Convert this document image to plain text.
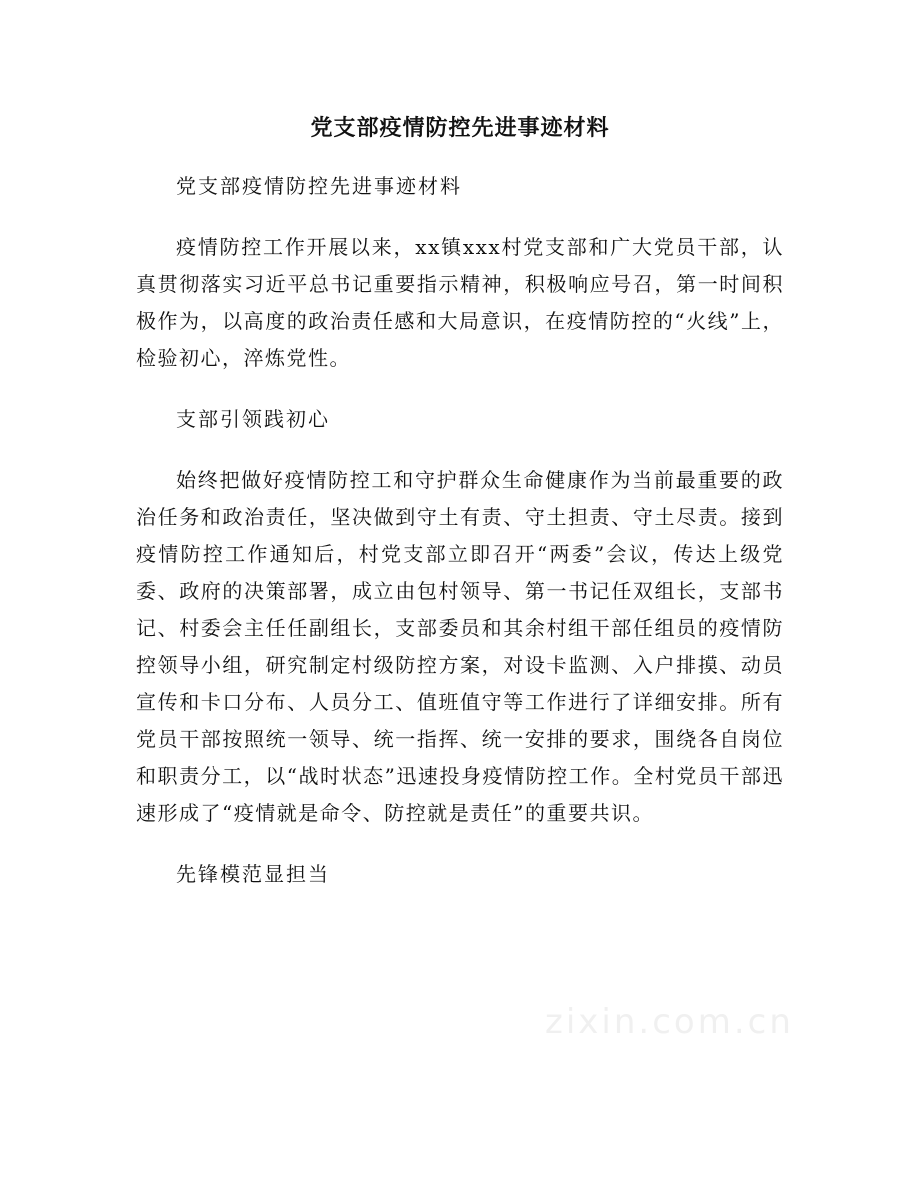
党支部疫情防控先进事迹材料

党支部疫情防控先进事迹材料

疫情防控工作开展以来，xx镇xxx村党支部和广大党员干部，认真贯彻落实习近平总书记重要指示精神，积极响应号召，第一时间积极作为，以高度的政治责任感和大局意识，在疫情防控的“火线”上，检验初心，淬炼党性。

支部引领践初心

始终把做好疫情防控工和守护群众生命健康作为当前最重要的政治任务和政治责任，坚决做到守土有责、守土担责、守土尽责。接到疫情防控工作通知后，村党支部立即召开“两委”会议，传达上级党委、政府的决策部署，成立由包村领导、第一书记任双组长，支部书记、村委会主任任副组长，支部委员和其余村组干部任组员的疫情防控领导小组，研究制定村级防控方案，对设卡监测、入户排摸、动员宣传和卡口分布、人员分工、值班值守等工作进行了详细安排。所有党员干部按照统一领导、统一指挥、统一安排的要求，围绕各自岗位和职责分工，以“战时状态”迅速投身疫情防控工作。全村党员干部迅速形成了“疫情就是命令、防控就是责任”的重要共识。

先锋模范显担当

zixin.com.cn
